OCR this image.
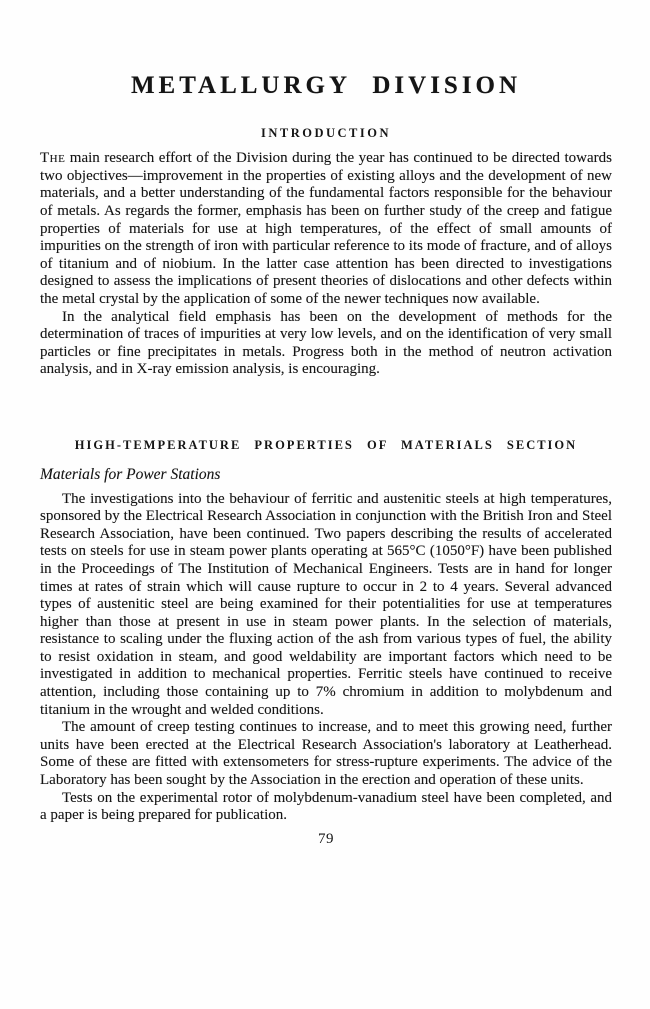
METALLURGY DIVISION
INTRODUCTION

The main research effort of the Division during the year has continued to be directed towards two objectives—improvement in the properties of existing alloys and the development of new materials, and a better understanding of the fundamental factors responsible for the behaviour of metals. As regards the former, emphasis has been on further study of the creep and fatigue properties of materials for use at high temperatures, of the effect of small amounts of impurities on the strength of iron with particular reference to its mode of fracture, and of alloys of titanium and of niobium. In the latter case attention has been directed to investigations designed to assess the implications of present theories of dislocations and other defects within the metal crystal by the application of some of the newer techniques now available.

In the analytical field emphasis has been on the development of methods for the determination of traces of impurities at very low levels, and on the identification of very small particles or fine precipitates in metals. Progress both in the method of neutron activation analysis, and in X-ray emission analysis, is encouraging.

HIGH-TEMPERATURE PROPERTIES OF MATERIALS SECTION
Materials for Power Stations

The investigations into the behaviour of ferritic and austenitic steels at high temperatures, sponsored by the Electrical Research Association in conjunction with the British Iron and Steel Research Association, have been continued. Two papers describing the results of accelerated tests on steels for use in steam power plants operating at 565°C (1050°F) have been published in the Proceedings of The Institution of Mechanical Engineers. Tests are in hand for longer times at rates of strain which will cause rupture to occur in 2 to 4 years. Several advanced types of austenitic steel are being examined for their potentialities for use at temperatures higher than those at present in use in steam power plants. In the selection of materials, resistance to scaling under the fluxing action of the ash from various types of fuel, the ability to resist oxidation in steam, and good weldability are important factors which need to be investigated in addition to mechanical properties. Ferritic steels have continued to receive attention, including those containing up to 7% chromium in addition to molybdenum and titanium in the wrought and welded conditions.

The amount of creep testing continues to increase, and to meet this growing need, further units have been erected at the Electrical Research Association's laboratory at Leatherhead. Some of these are fitted with extensometers for stress-rupture experiments. The advice of the Laboratory has been sought by the Association in the erection and operation of these units.

Tests on the experimental rotor of molybdenum-vanadium steel have been completed, and a paper is being prepared for publication.

79
